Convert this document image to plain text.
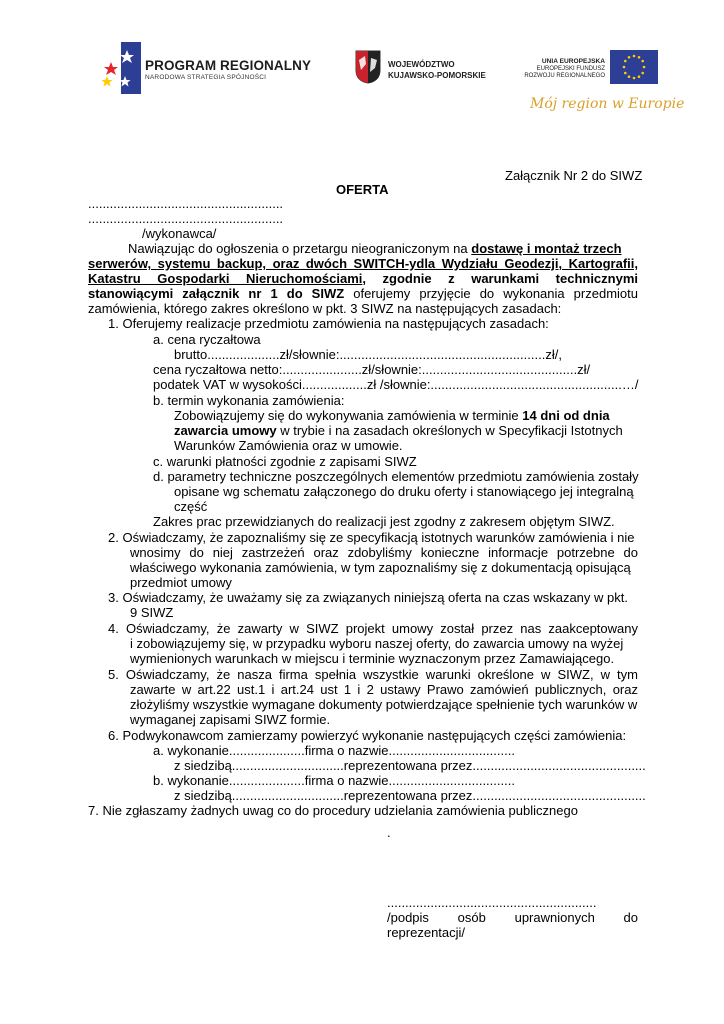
PROGRAM REGIONALNY
NARODOWA STRATEGIA SPÓJNOŚCI
WOJEWÓDZTWO
KUJAWSKO-POMORSKIE
UNIA EUROPEJSKA
EUROPEJSKI FUNDUSZ
ROZWOJU REGIONALNEGO
Mój region w Europie
Załącznik Nr 2 do SIWZ
OFERTA
......................................................
......................................................
/wykonawca/
Nawiązując do ogłoszenia o przetargu nieograniczonym na dostawę i montaż trzech
serwerów, systemu backup, oraz dwóch SWITCH-ydla Wydziału Geodezji, Kartografii,
Katastru Gospodarki Nieruchomościami, zgodnie z warunkami technicznymi
stanowiącymi załącznik nr 1 do SIWZ oferujemy przyjęcie do wykonania przedmiotu
zamówienia, którego zakres określono w pkt. 3 SIWZ na następujących zasadach:
1. Oferujemy realizacje przedmiotu zamówienia na następujących zasadach:
a. cena ryczałtowa
brutto....................zł/słownie:.........................................................zł/,
cena ryczałtowa netto:......................zł/słownie:...........................................zł/
podatek VAT w wysokości..................zł /słownie:.....................................................…/
b. termin wykonania zamówienia:
Zobowiązujemy się do wykonywania zamówienia w terminie 14 dni od dnia
zawarcia umowy w trybie i na zasadach określonych w Specyfikacji Istotnych
Warunków Zamówienia oraz w umowie.
c. warunki płatności zgodnie z zapisami SIWZ
d. parametry techniczne poszczególnych elementów przedmiotu zamówienia zostały
opisane wg schematu załączonego do druku oferty i stanowiącego jej integralną
część
Zakres prac przewidzianych do realizacji jest zgodny z zakresem objętym SIWZ.
2. Oświadczamy, że zapoznaliśmy się ze specyfikacją istotnych warunków zamówienia i nie
wnosimy do niej zastrzeżeń oraz zdobyliśmy konieczne informacje potrzebne do
właściwego wykonania zamówienia, w tym zapoznaliśmy się z dokumentacją opisującą
przedmiot umowy
3. Oświadczamy, że uważamy się za związanych niniejszą oferta na czas wskazany w pkt.
9 SIWZ
4. Oświadczamy, że zawarty w SIWZ projekt umowy został przez nas zaakceptowany
i zobowiązujemy się, w przypadku wyboru naszej oferty, do zawarcia umowy na wyżej
wymienionych warunkach w miejscu i terminie wyznaczonym przez Zamawiającego.
5. Oświadczamy, że nasza firma spełnia wszystkie warunki określone w SIWZ, w tym
zawarte w art.22 ust.1 i art.24 ust 1 i 2 ustawy Prawo zamówień publicznych, oraz
złożyliśmy wszystkie wymagane dokumenty potwierdzające spełnienie tych warunków w
wymaganej zapisami SIWZ formie.
6. Podwykonawcom zamierzamy powierzyć wykonanie następujących części zamówienia:
a. wykonanie.....................firma o nazwie...................................
z siedzibą...............................reprezentowana przez................................................
b. wykonanie.....................firma o nazwie...................................
z siedzibą...............................reprezentowana przez................................................
7. Nie zgłaszamy żadnych uwag co do procedury udzielania zamówienia publicznego
.
..........................................................
/podpis osób uprawnionych do
reprezentacji/
